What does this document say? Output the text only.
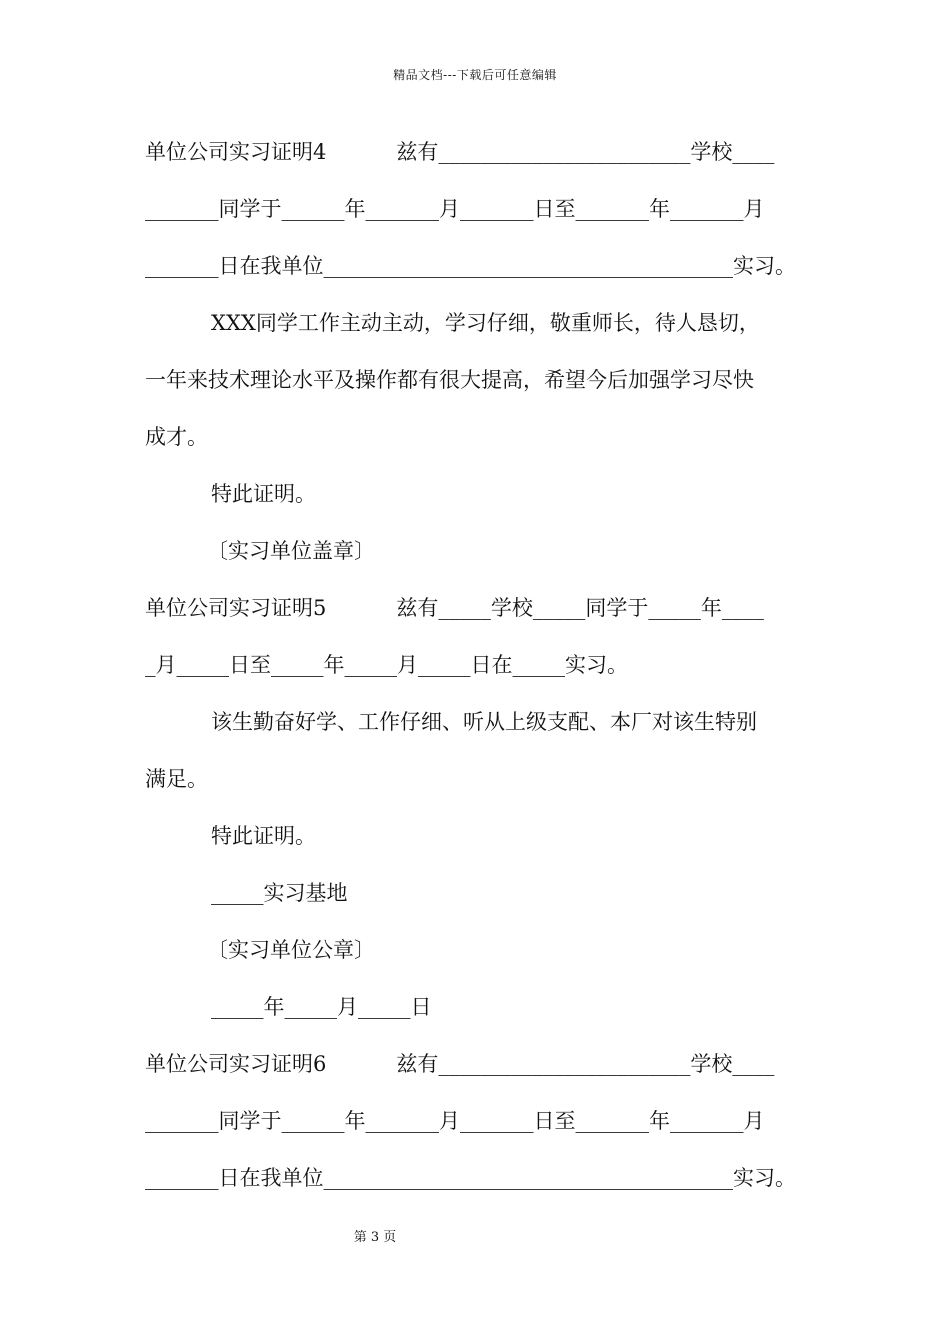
精品文档---下载后可任意编辑
单位公司实习证明4	兹有________________________学校____
_______同学于______年_______月_______日至_______年_______月
_______日在我单位_______________________________________实习。
XXX同学工作主动主动，学习仔细，敬重师长，待人恳切，
一年来技术理论水平及操作都有很大提高，希望今后加强学习尽快
成才。
特此证明。
〔实习单位盖章〕
单位公司实习证明5	兹有_____学校_____同学于_____年____
_月_____日至_____年_____月_____日在_____实习。
该生勤奋好学、工作仔细、听从上级支配、本厂对该生特别
满足。
特此证明。
_____实习基地
〔实习单位公章〕
_____年_____月_____日
单位公司实习证明6	兹有________________________学校____
_______同学于______年_______月_______日至_______年_______月
_______日在我单位_______________________________________实习。
第 3 页
